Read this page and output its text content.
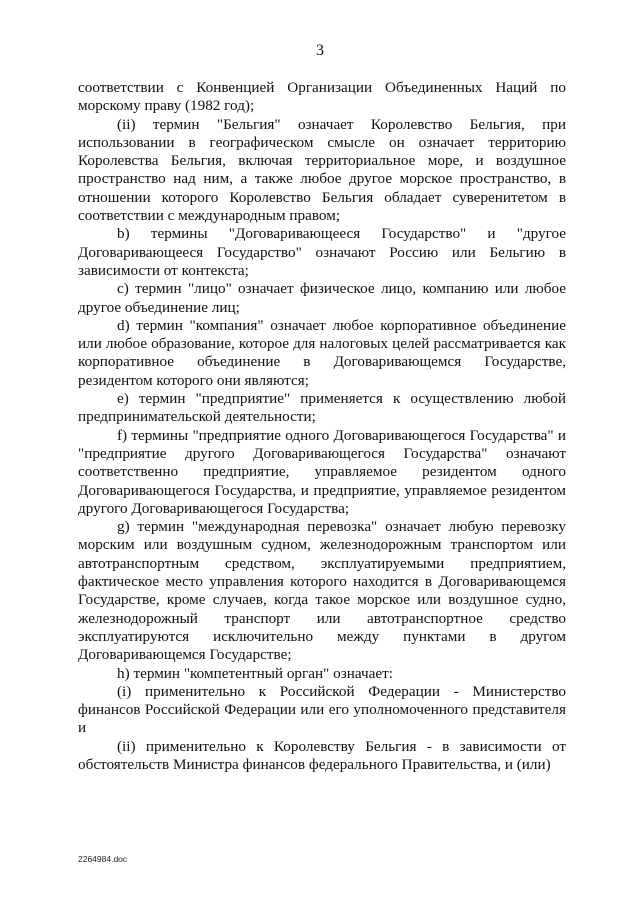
3

соответствии с Конвенцией Организации Объединенных Наций по морскому праву (1982 год);

(ii) термин "Бельгия" означает Королевство Бельгия, при использовании в географическом смысле он означает территорию Королевства Бельгия, включая территориальное море, и воздушное пространство над ним, а также любое другое морское пространство, в отношении которого Королевство Бельгия обладает суверенитетом в соответствии с международным правом;

b) термины "Договаривающееся Государство" и "другое Договаривающееся Государство" означают Россию или Бельгию в зависимости от контекста;

c) термин "лицо" означает физическое лицо, компанию или любое другое объединение лиц;

d) термин "компания" означает любое корпоративное объединение или любое образование, которое для налоговых целей рассматривается как корпоративное объединение в Договаривающемся Государстве, резидентом которого они являются;

e) термин "предприятие" применяется к осуществлению любой предпринимательской деятельности;

f) термины "предприятие одного Договаривающегося Государства" и "предприятие другого Договаривающегося Государства" означают соответственно предприятие, управляемое резидентом одного Договаривающегося Государства, и предприятие, управляемое резидентом другого Договаривающегося Государства;

g) термин "международная перевозка" означает любую перевозку морским или воздушным судном, железнодорожным транспортом или автотранспортным средством, эксплуатируемыми предприятием, фактическое место управления которого находится в Договаривающемся Государстве, кроме случаев, когда такое морское или воздушное судно, железнодорожный транспорт или автотранспортное средство эксплуатируются исключительно между пунктами в другом Договаривающемся Государстве;

h) термин "компетентный орган" означает:

(i) применительно к Российской Федерации - Министерство финансов Российской Федерации или его уполномоченного представителя и

(ii) применительно к Королевству Бельгия - в зависимости от обстоятельств Министра финансов федерального Правительства, и (или)

2264984.doc
